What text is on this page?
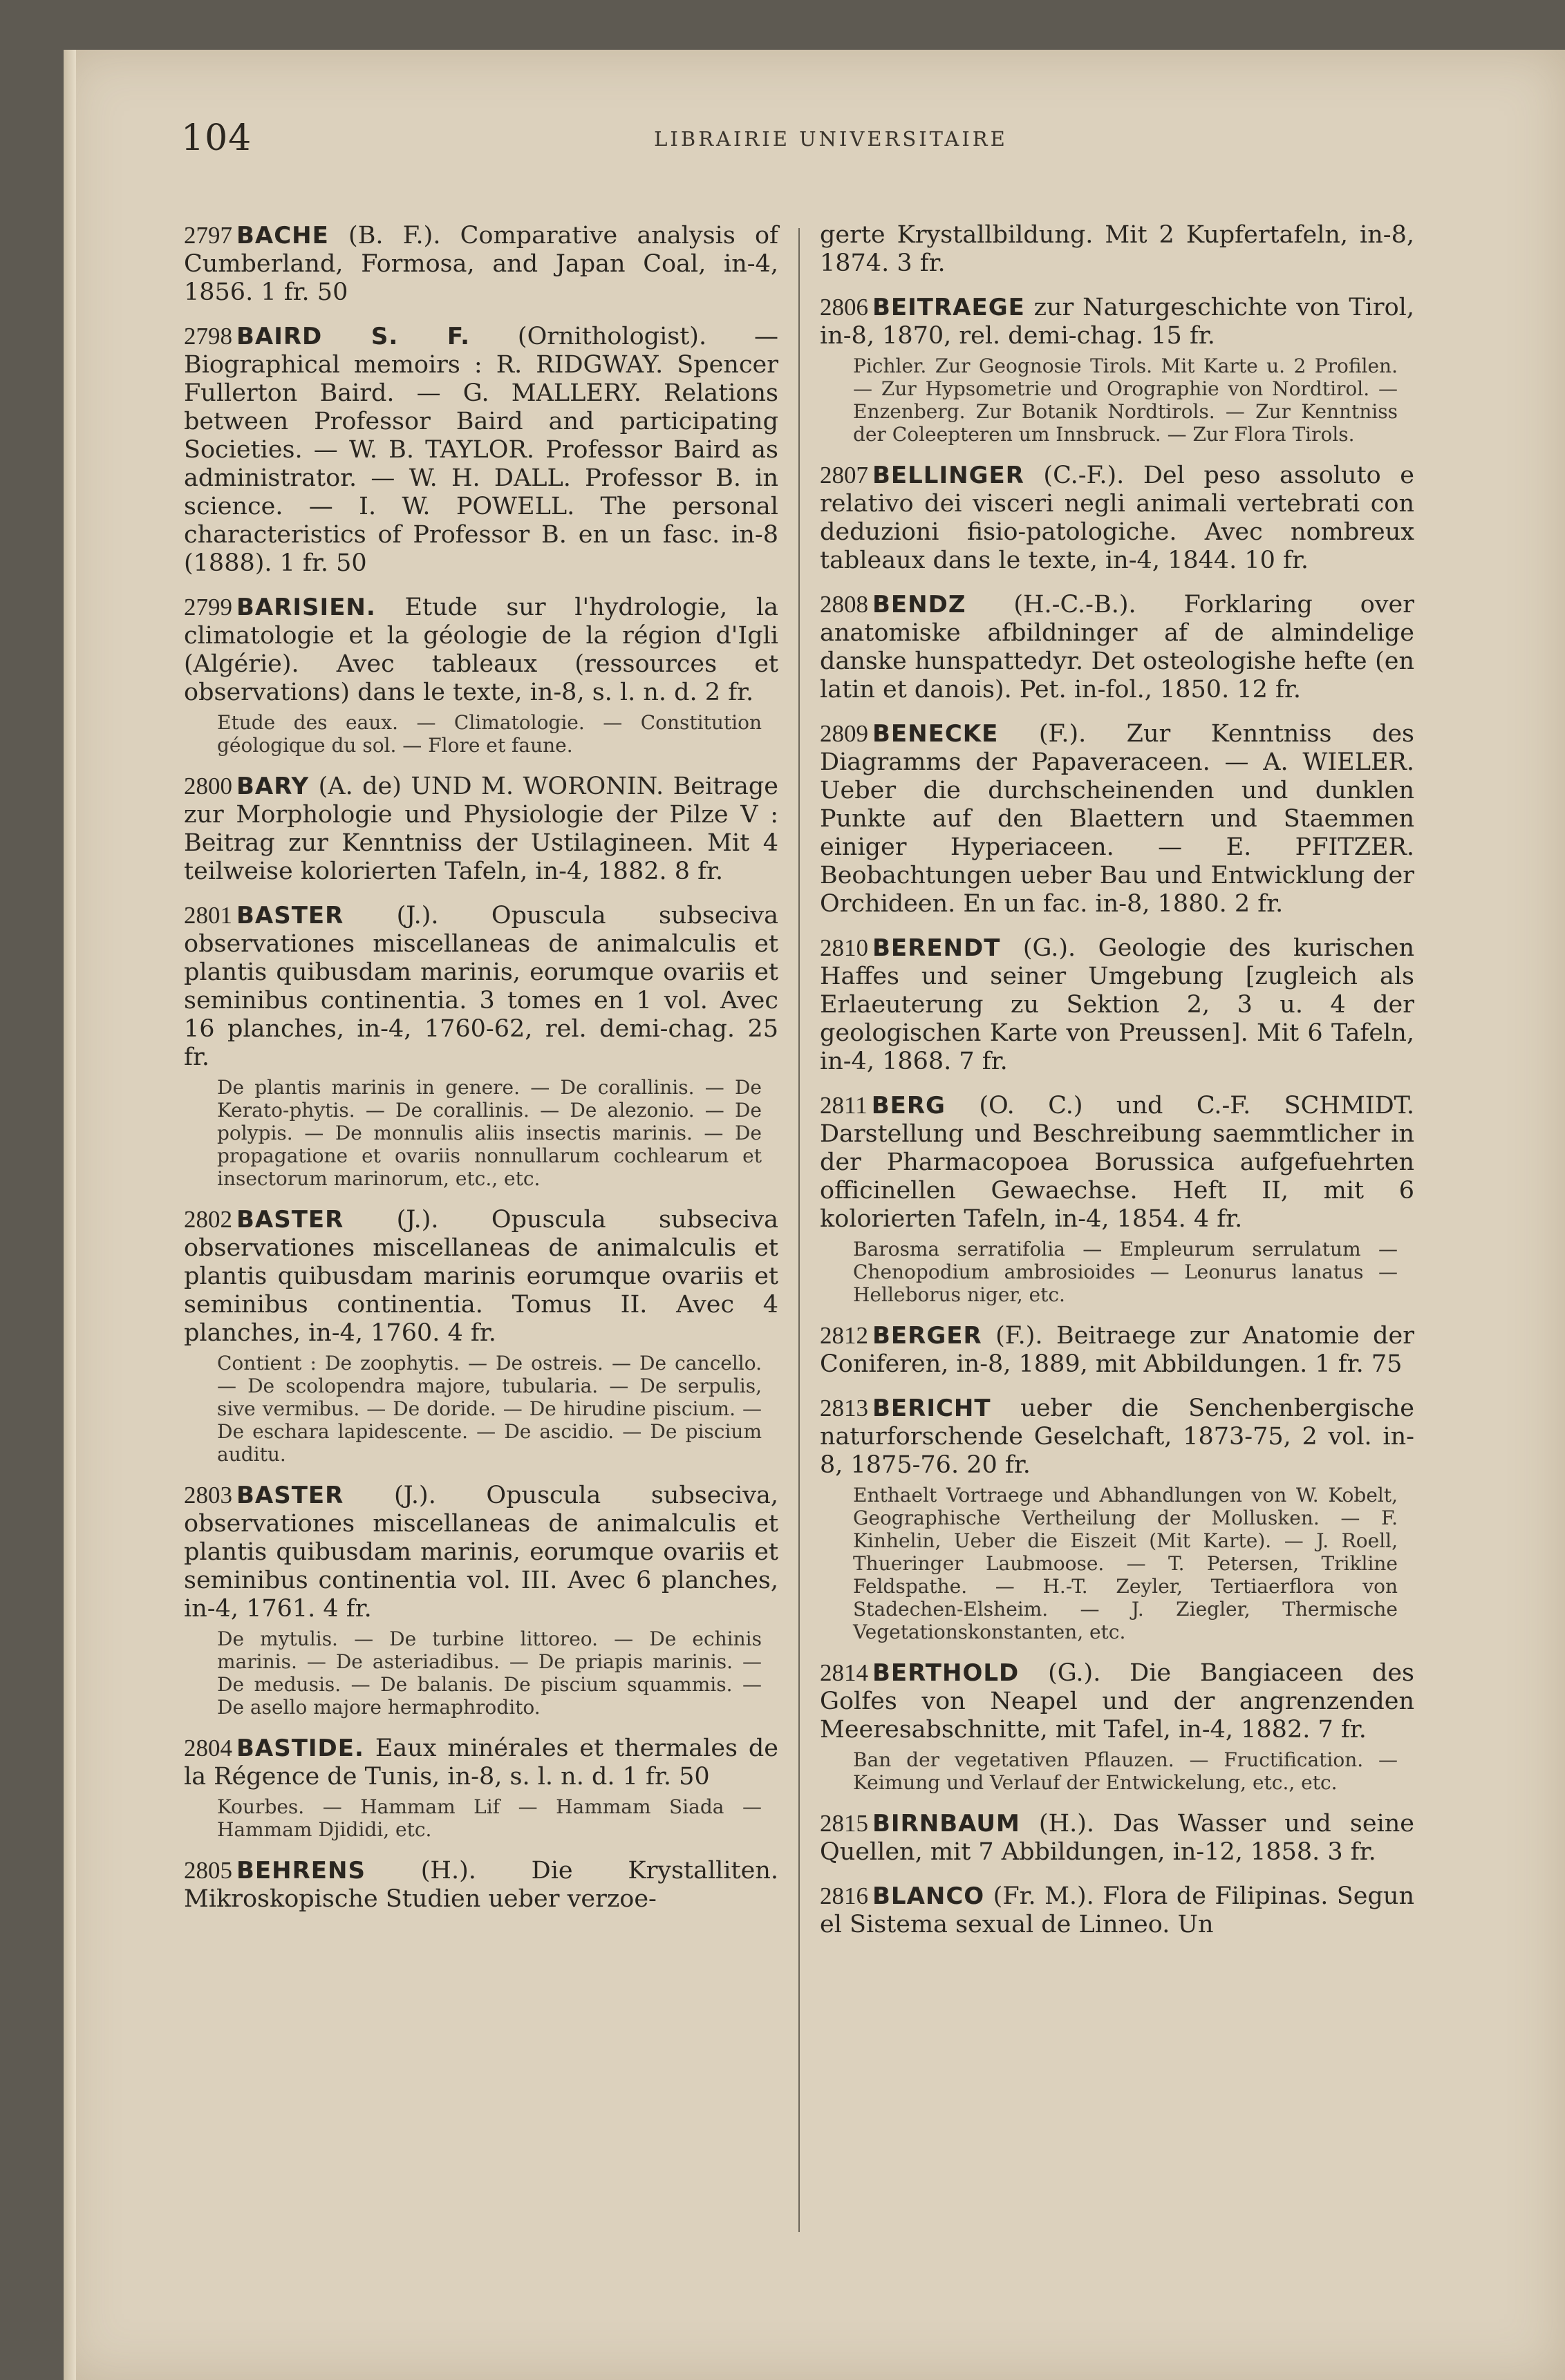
104	LIBRAIRIE UNIVERSITAIRE
2797 BACHE (B. F.). Comparative analysis of Cumberland, Formosa, and Japan Coal, in-4, 1856. 1 fr. 50
2798 BAIRD S. F. (Ornithologist). — Biographical memoirs : R. RIDGWAY. Spencer Fullerton Baird. — G. MALLERY. Relations between Professor Baird and participating Societies. — W. B. TAYLOR. Professor Baird as administrator. — W. H. DALL. Professor B. in science. — I. W. POWELL. The personal characteristics of Professor B. en un fasc. in-8 (1888). 1 fr. 50
2799 BARISIEN. Etude sur l'hydrologie, la climatologie et la géologie de la région d'Igli (Algérie). Avec tableaux (ressources et observations) dans le texte, in-8, s. l. n. d. 2 fr.
Etude des eaux. — Climatologie. — Constitution géologique du sol. — Flore et faune.
2800 BARY (A. de) UND M. WORONIN. Beitrage zur Morphologie und Physiologie der Pilze V : Beitrag zur Kenntniss der Ustilagineen. Mit 4 teilweise kolorierten Tafeln, in-4, 1882. 8 fr.
2801 BASTER (J.). Opuscula subseciva observationes miscellaneas de animalculis et plantis quibusdam marinis, eorumque ovariis et seminibus continentia. 3 tomes en 1 vol. Avec 16 planches, in-4, 1760-62, rel. demi-chag. 25 fr.
De plantis marinis in genere. — De corallinis. — De Kerato-phytis. — De corallinis. — De alezonio. — De polypis. — De monnulis aliis insectis marinis. — De propagatione et ovariis nonnullarum cochlearum et insectorum marinorum, etc., etc.
2802 BASTER (J.). Opuscula subseciva observationes miscellaneas de animalculis et plantis quibusdam marinis eorumque ovariis et seminibus continentia. Tomus II. Avec 4 planches, in-4, 1760. 4 fr.
Contient : De zoophytis. — De ostreis. — De cancello. — De scolopendra majore, tubularia. — De serpulis, sive vermibus. — De doride. — De hirudine piscium. — De eschara lapidescente. — De ascidio. — De piscium auditu.
2803 BASTER (J.). Opuscula subseciva, observationes miscellaneas de animalculis et plantis quibusdam marinis, eorumque ovariis et seminibus continentia vol. III. Avec 6 planches, in-4, 1761. 4 fr.
De mytulis. — De turbine littoreo. — De echinis marinis. — De asteriadibus. — De priapis marinis. — De medusis. — De balanis. De piscium squammis. — De asello majore hermaphrodito.
2804 BASTIDE. Eaux minérales et thermales de la Régence de Tunis, in-8, s. l. n. d. 1 fr. 50
Kourbes. — Hammam Lif — Hammam Siada — Hammam Djididi, etc.
2805 BEHRENS (H.). Die Krystalliten. Mikroskopische Studien ueber verzoe-
gerte Krystallbildung. Mit 2 Kupfertafeln, in-8, 1874. 3 fr.
2806 BEITRAEGE zur Naturgeschichte von Tirol, in-8, 1870, rel. demi-chag. 15 fr.
Pichler. Zur Geognosie Tirols. Mit Karte u. 2 Profilen. — Zur Hypsometrie und Orographie von Nordtirol. — Enzenberg. Zur Botanik Nordtirols. — Zur Kenntniss der Coleepteren um Innsbruck. — Zur Flora Tirols.
2807 BELLINGER (C.-F.). Del peso assoluto e relativo dei visceri negli animali vertebrati con deduzioni fisio-patologiche. Avec nombreux tableaux dans le texte, in-4, 1844. 10 fr.
2808 BENDZ (H.-C.-B.). Forklaring over anatomiske afbildninger af de almindelige danske hunspattedyr. Det osteologishe hefte (en latin et danois). Pet. in-fol., 1850. 12 fr.
2809 BENECKE (F.). Zur Kenntniss des Diagramms der Papaveraceen. — A. WIELER. Ueber die durchscheinenden und dunklen Punkte auf den Blaettern und Staemmen einiger Hyperiaceen. — E. PFITZER. Beobachtungen ueber Bau und Entwicklung der Orchideen. En un fac. in-8, 1880. 2 fr.
2810 BERENDT (G.). Geologie des kurischen Haffes und seiner Umgebung [zugleich als Erlaeuterung zu Sektion 2, 3 u. 4 der geologischen Karte von Preussen]. Mit 6 Tafeln, in-4, 1868. 7 fr.
2811 BERG (O. C.) und C.-F. SCHMIDT. Darstellung und Beschreibung saemmtlicher in der Pharmacopoea Borussica aufgefuehrten officinellen Gewaechse. Heft II, mit 6 kolorierten Tafeln, in-4, 1854. 4 fr.
Barosma serratifolia — Empleurum serrulatum — Chenopodium ambrosioides — Leonurus lanatus — Helleborus niger, etc.
2812 BERGER (F.). Beitraege zur Anatomie der Coniferen, in-8, 1889, mit Abbildungen. 1 fr. 75
2813 BERICHT ueber die Senchenbergische naturforschende Geselchaft, 1873-75, 2 vol. in-8, 1875-76. 20 fr.
Enthaelt Vortraege und Abhandlungen von W. Kobelt, Geographische Vertheilung der Mollusken. — F. Kinhelin, Ueber die Eiszeit (Mit Karte). — J. Roell, Thueringer Laubmoose. — T. Petersen, Trikline Feldspathe. — H.-T. Zeyler, Tertiaerflora von Stadechen-Elsheim. — J. Ziegler, Thermische Vegetationskonstanten, etc.
2814 BERTHOLD (G.). Die Bangiaceen des Golfes von Neapel und der angrenzenden Meeresabschnitte, mit Tafel, in-4, 1882. 7 fr.
Ban der vegetativen Pflauzen. — Fructification. — Keimung und Verlauf der Entwickelung, etc., etc.
2815 BIRNBAUM (H.). Das Wasser und seine Quellen, mit 7 Abbildungen, in-12, 1858. 3 fr.
2816 BLANCO (Fr. M.). Flora de Filipinas. Segun el Sistema sexual de Linneo. Un
